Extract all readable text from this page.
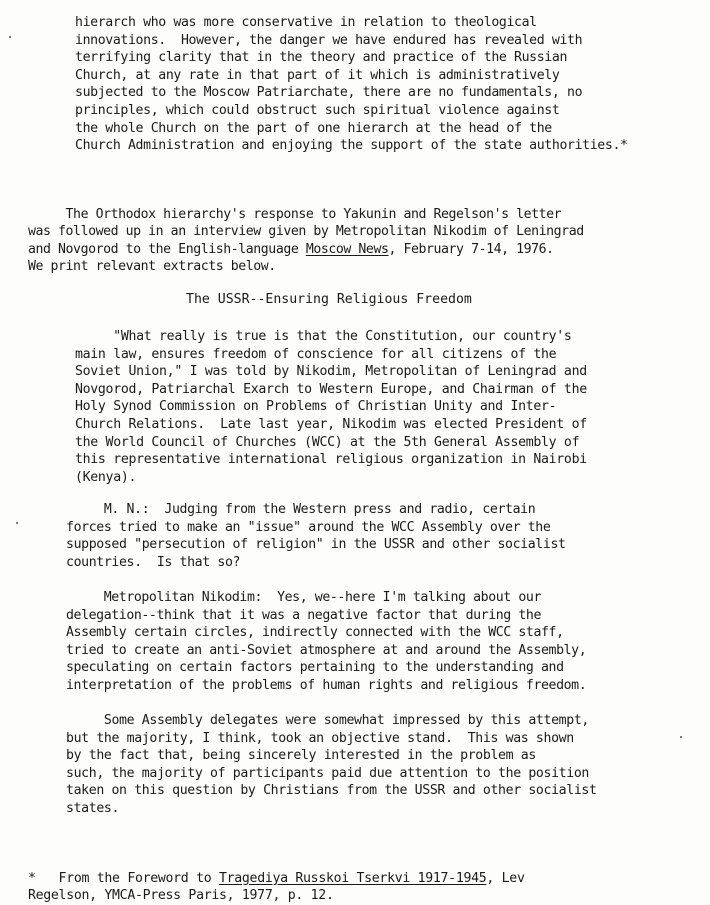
hierarch who was more conservative in relation to theological
innovations.  However, the danger we have endured has revealed with
terrifying clarity that in the theory and practice of the Russian
Church, at any rate in that part of it which is administratively
subjected to the Moscow Patriarchate, there are no fundamentals, no
principles, which could obstruct such spiritual violence against
the whole Church on the part of one hierarch at the head of the
Church Administration and enjoying the support of the state authorities.*

The Orthodox hierarchy's response to Yakunin and Regelson's letter
was followed up in an interview given by Metropolitan Nikodim of Leningrad
and Novgorod to the English-language Moscow News, February 7-14, 1976.
We print relevant extracts below.

The USSR--Ensuring Religious Freedom

"What really is true is that the Constitution, our country's
main law, ensures freedom of conscience for all citizens of the
Soviet Union," I was told by Nikodim, Metropolitan of Leningrad and
Novgorod, Patriarchal Exarch to Western Europe, and Chairman of the
Holy Synod Commission on Problems of Christian Unity and Inter-
Church Relations.  Late last year, Nikodim was elected President of
the World Council of Churches (WCC) at the 5th General Assembly of
this representative international religious organization in Nairobi
(Kenya).

M. N.:  Judging from the Western press and radio, certain
forces tried to make an "issue" around the WCC Assembly over the
supposed "persecution of religion" in the USSR and other socialist
countries.  Is that so?

Metropolitan Nikodim:  Yes, we--here I'm talking about our
delegation--think that it was a negative factor that during the
Assembly certain circles, indirectly connected with the WCC staff,
tried to create an anti-Soviet atmosphere at and around the Assembly,
speculating on certain factors pertaining to the understanding and
interpretation of the problems of human rights and religious freedom.

Some Assembly delegates were somewhat impressed by this attempt,
but the majority, I think, took an objective stand.  This was shown
by the fact that, being sincerely interested in the problem as
such, the majority of participants paid due attention to the position
taken on this question by Christians from the USSR and other socialist
states.

*   From the Foreword to Tragediya Russkoi Tserkvi 1917-1945, Lev
Regelson, YMCA-Press Paris, 1977, p. 12.
